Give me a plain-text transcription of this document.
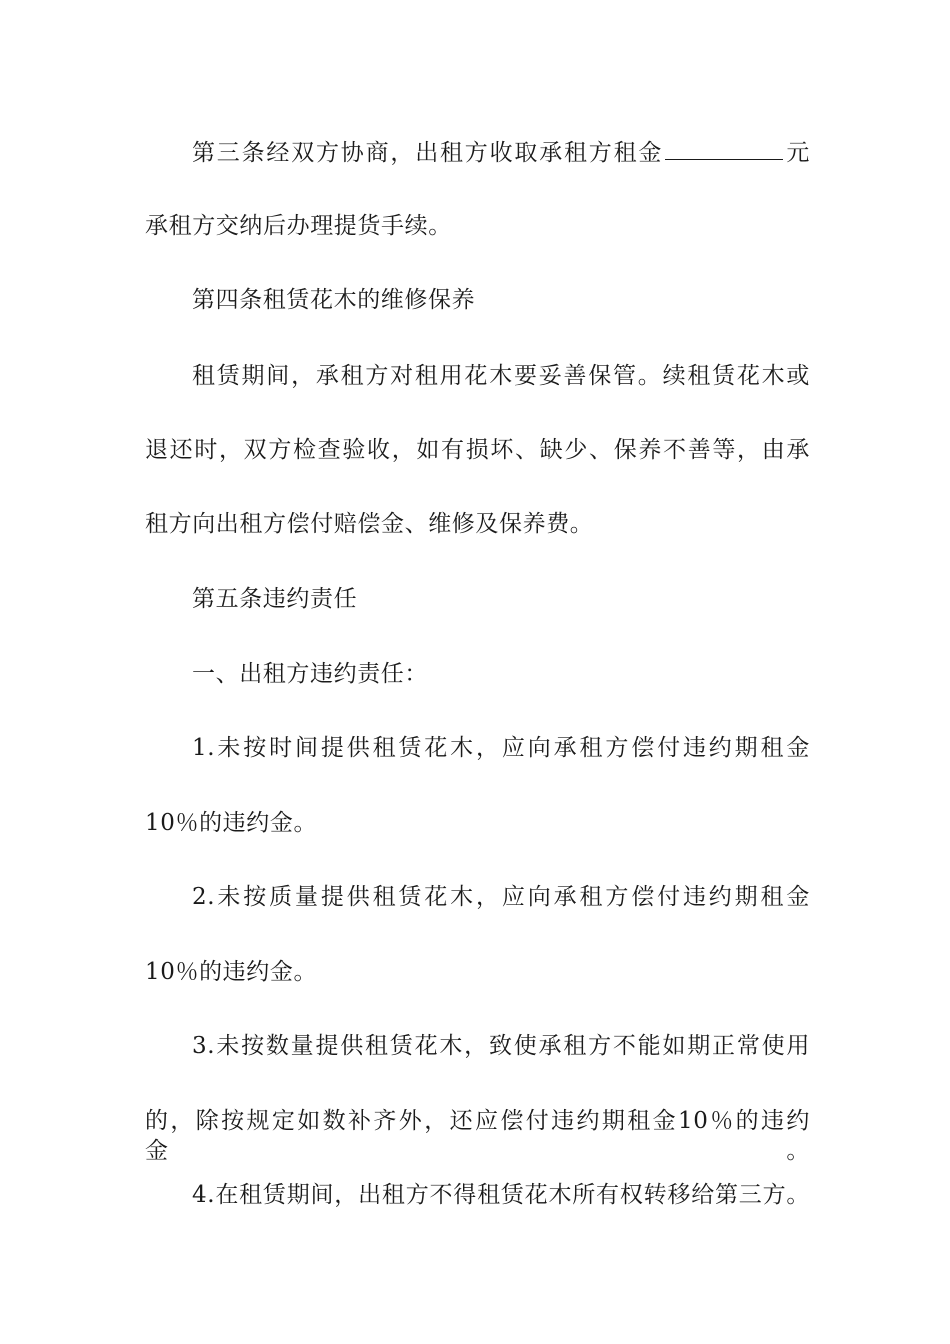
第三条经双方协商，出租方收取承租方租金	元
承租方交纳后办理提货手续。
第四条租赁花木的维修保养
租赁期间，承租方对租用花木要妥善保管。续租赁花木或
退还时，双方检查验收，如有损坏、缺少、保养不善等，由承
租方向出租方偿付赔偿金、维修及保养费。
第五条违约责任
一、出租方违约责任：
1.未按时间提供租赁花木，应向承租方偿付违约期租金
10％的违约金。
2.未按质量提供租赁花木，应向承租方偿付违约期租金
10％的违约金。
3.未按数量提供租赁花木，致使承租方不能如期正常使用
的，除按规定如数补齐外，还应偿付违约期租金10％的违约金。
4.在租赁期间，出租方不得租赁花木所有权转移给第三方。
